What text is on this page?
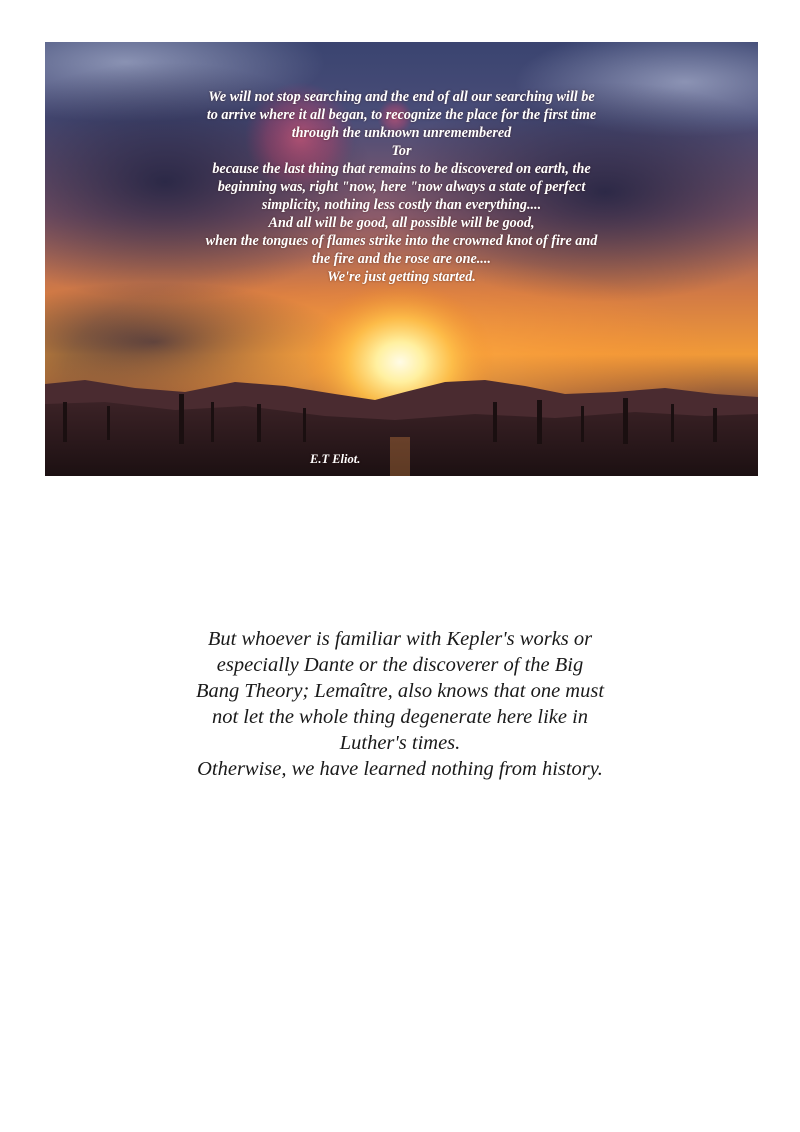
We will not stop searching and the end of all our searching will be
to arrive where it all began, to recognize the place for the first time
through the unknown unremembered
Tor
because the last thing that remains to be discovered on earth, the
beginning was, right "now, here "now always a state of perfect
simplicity, nothing less costly than everything....
And all will be good, all possible will be good,
when the tongues of flames strike into the crowned knot of fire and
the fire and the rose are one....
We're just getting started.
E.T Eliot.
But whoever is familiar with Kepler's works or
especially Dante or the discoverer of the Big
Bang Theory; Lemaître, also knows that one must
not let the whole thing degenerate here like in
Luther's times.
Otherwise, we have learned nothing from history.
